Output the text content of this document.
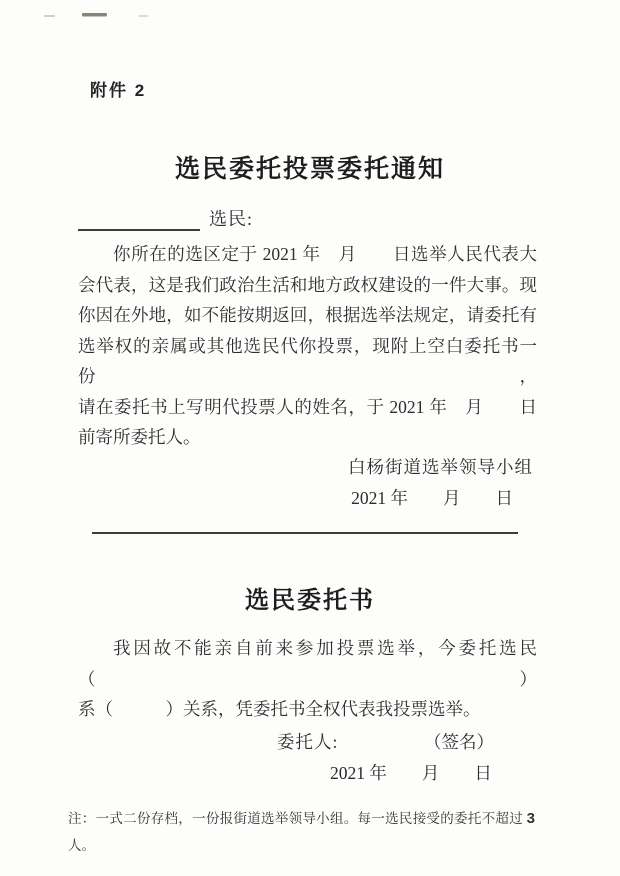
附件 2
选民委托投票委托通知
选民:
你所在的选区定于 2021 年　月　　日选举人民代表大
会代表，这是我们政治生活和地方政权建设的一件大事。现
你因在外地，如不能按期返回，根据选举法规定，请委托有
选举权的亲属或其他选民代你投票，现附上空白委托书一份，
请在委托书上写明代投票人的姓名，于 2021 年　月　　日
前寄所委托人。
白杨街道选举领导小组
2021 年　　月　　日
选民委托书
我因故不能亲自前来参加投票选举，今委托选民（　　　）
系（　　　）关系，凭委托书全权代表我投票选举。
委托人:	（签名）
2021 年　　月　　日
注：一式二份存档，一份报街道选举领导小组。每一选民接受的委托不超过 3
人。
